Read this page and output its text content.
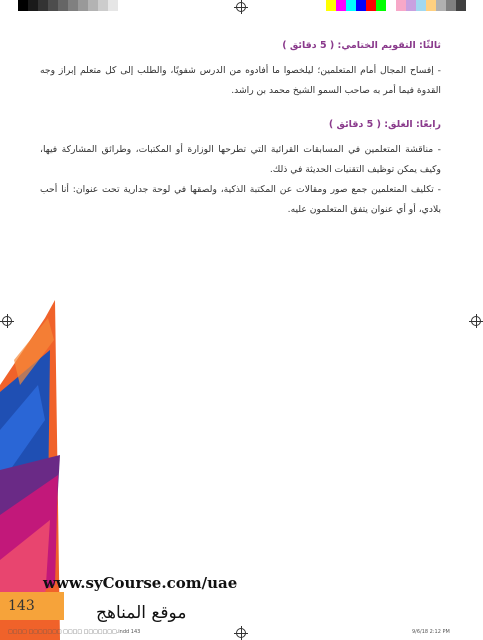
ثالثًا: التقويم الختامي: ( 5 دقائق )

- إفساح المجال أمام المتعلمين؛ ليلخصوا ما أفادوه من الدرس شفويًا، والطلب إلى كل متعلم إبراز وجه القدوة فيما أمر به صاحب السمو الشيخ محمد بن راشد.

رابعًا: الغلق: ( 5 دقائق )

- مناقشة المتعلمين في المسابقات القرائية التي تطرحها الوزارة أو المكتبات، وطرائق المشاركة فيها، وكيف يمكن توظيف التقنيات الحديثة في ذلك.

- تكليف المتعلمين جمع صور ومقالات عن المكتبة الذكية، ولصقها في لوحة جدارية تحت عنوان: أنا أحب بلادي، أو أي عنوان يتفق المتعلمون عليه.

www.syCourse.com/uae
143	موقع المناهج
□□□□ □□□□□□□ □□□□ □□□□□□□.indd 143	9/6/18 2:12 PM
